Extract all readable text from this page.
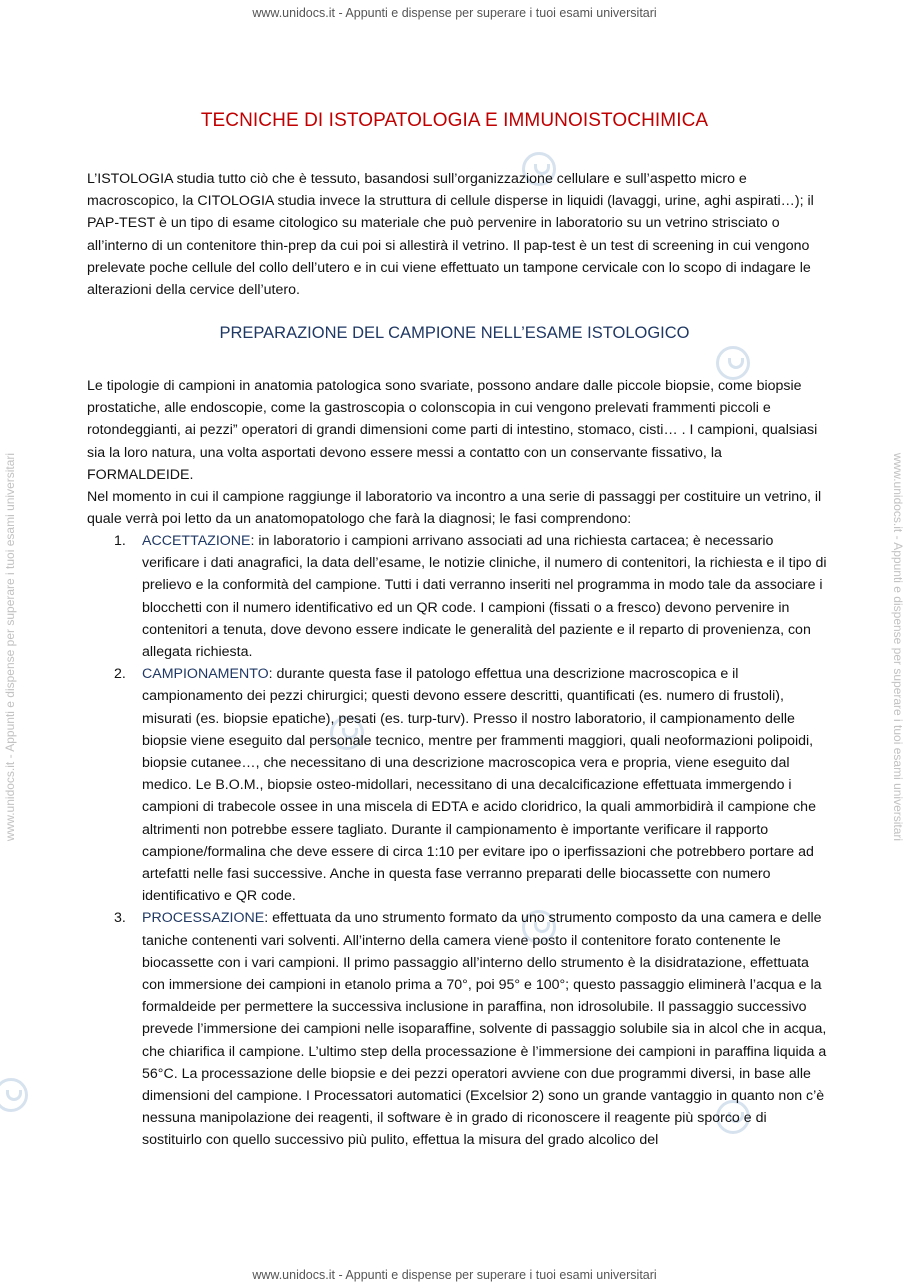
www.unidocs.it - Appunti e dispense per superare i tuoi esami universitari
www.unidocs.it - Appunti e dispense per superare i tuoi esami universitari
www.unidocs.it - Appunti e dispense per superare i tuoi esami universitari	www.unidocs.it - Appunti e dispense per superare i tuoi esami universitari
TECNICHE DI ISTOPATOLOGIA E IMMUNOISTOCHIMICA

L’ISTOLOGIA studia tutto ciò che è tessuto, basandosi sull’organizzazione cellulare e sull’aspetto micro e macroscopico, la CITOLOGIA studia invece la struttura di cellule disperse in liquidi (lavaggi, urine, aghi aspirati…); il PAP-TEST è un tipo di esame citologico su materiale che può pervenire in laboratorio su un vetrino strisciato o all’interno di un contenitore thin-prep da cui poi si allestirà il vetrino. Il pap-test è un test di screening in cui vengono prelevate poche cellule del collo dell’utero e in cui viene effettuato un tampone cervicale con lo scopo di indagare le alterazioni della cervice dell’utero.

PREPARAZIONE DEL CAMPIONE NELL’ESAME ISTOLOGICO
Le tipologie di campioni in anatomia patologica sono svariate, possono andare dalle piccole biopsie, come biopsie prostatiche, alle endoscopie, come la gastroscopia o colonscopia in cui vengono prelevati frammenti piccoli e rotondeggianti, ai pezzi” operatori di grandi dimensioni come parti di intestino, stomaco, cisti… . I campioni, qualsiasi sia la loro natura, una volta asportati devono essere messi a contatto con un conservante fissativo, la FORMALDEIDE.
Nel momento in cui il campione raggiunge il laboratorio va incontro a una serie di passaggi per costituire un vetrino, il quale verrà poi letto da un anatomopatologo che farà la diagnosi; le fasi comprendono:
1. ACCETTAZIONE: in laboratorio i campioni arrivano associati ad una richiesta cartacea; è necessario verificare i dati anagrafici, la data dell’esame, le notizie cliniche, il numero di contenitori, la richiesta e il tipo di prelievo e la conformità del campione. Tutti i dati verranno inseriti nel programma in modo tale da associare i blocchetti con il numero identificativo ed un QR code. I campioni (fissati o a fresco) devono pervenire in contenitori a tenuta, dove devono essere indicate le generalità del paziente e il reparto di provenienza, con allegata richiesta.
2. CAMPIONAMENTO: durante questa fase il patologo effettua una descrizione macroscopica e il campionamento dei pezzi chirurgici; questi devono essere descritti, quantificati (es. numero di frustoli), misurati (es. biopsie epatiche), pesati (es. turp-turv). Presso il nostro laboratorio, il campionamento delle biopsie viene eseguito dal personale tecnico, mentre per frammenti maggiori, quali neoformazioni polipoidi, biopsie cutanee…, che necessitano di una descrizione macroscopica vera e propria, viene eseguito dal medico. Le B.O.M., biopsie osteo-midollari, necessitano di una decalcificazione effettuata immergendo i campioni di trabecole ossee in una miscela di EDTA e acido cloridrico, la quali ammorbidirà il campione che altrimenti non potrebbe essere tagliato. Durante il campionamento è importante verificare il rapporto campione/formalina che deve essere di circa 1:10 per evitare ipo o iperfissazioni che potrebbero portare ad artefatti nelle fasi successive. Anche in questa fase verranno preparati delle biocassette con numero identificativo e QR code.
3. PROCESSAZIONE: effettuata da uno strumento formato da uno strumento composto da una camera e delle taniche contenenti vari solventi. All’interno della camera viene posto il contenitore forato contenente le biocassette con i vari campioni. Il primo passaggio all’interno dello strumento è la disidratazione, effettuata con immersione dei campioni in etanolo prima a 70°, poi 95° e 100°; questo passaggio eliminerà l’acqua e la formaldeide per permettere la successiva inclusione in paraffina, non idrosolubile. Il passaggio successivo prevede l’immersione dei campioni nelle isoparaffine, solvente di passaggio solubile sia in alcol che in acqua, che chiarifica il campione. L’ultimo step della processazione è l’immersione dei campioni in paraffina liquida a 56°C. La processazione delle biopsie e dei pezzi operatori avviene con due programmi diversi, in base alle dimensioni del campione. I Processatori automatici (Excelsior 2) sono un grande vantaggio in quanto non c’è nessuna manipolazione dei reagenti, il software è in grado di riconoscere il reagente più sporco e di sostituirlo con quello successivo più pulito, effettua la misura del grado alcolico del
